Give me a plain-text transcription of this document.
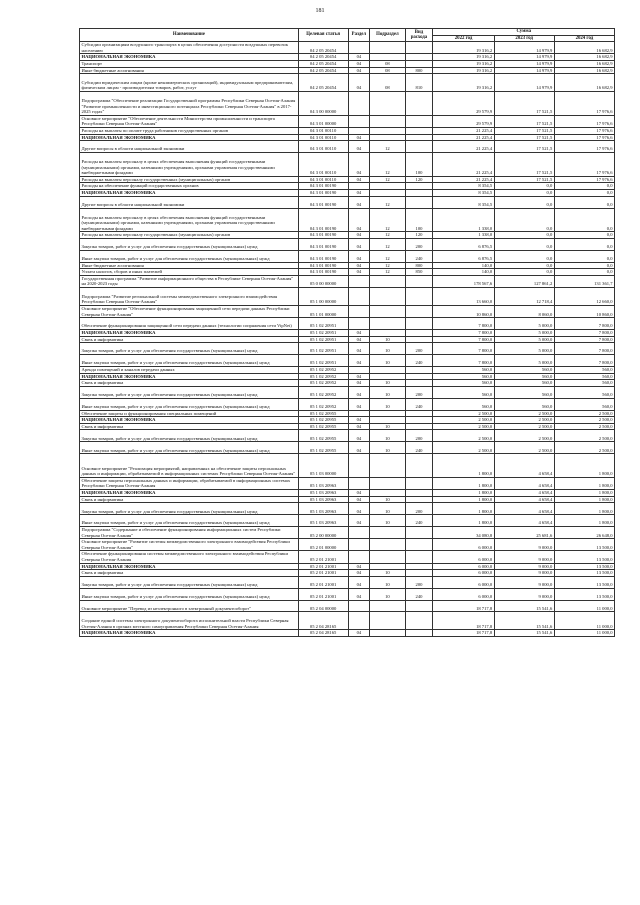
181
Наименование	Целевая статья	Раздел	Подраздел	Вид расхода	Сумма		
					2022 год	2023 год	2024 год
Субсидии организациям воздушного транспорта в целях обеспечения доступности воздушных перевозок населению	04 2 05 20454				19 316,2	14 979,9	16 682,9
НАЦИОНАЛЬНАЯ ЭКОНОМИКА	04 2 05 20454	04			19 316,2	14 979,9	16 682,9
Транспорт	04 2 05 20454	04	08		19 316,2	14 979,9	16 682,9
Иные бюджетные ассигнования	04 2 05 20454	04	08	800	19 316,2	14 979,9	16 682,9
Субсидии юридическим лицам (кроме некоммерческих организаций), индивидуальным предпринимателям, физическим лицам - производителям товаров, работ, услуг	04 2 05 20454	04	08	810	19 316,2	14 979,9	16 682,9
Подпрограмма "Обеспечение реализации Государственной программы Республики Северная Осетия-Алания "Развитие промышленности и инвестиционного потенциала Республики Северная Осетия-Алания" в 2017-2025 годах"	04 3 00 00000				29 579,9	17 521,5	17 976,6
Основное мероприятие "Обеспечение деятельности Министерства промышленности и транспорта Республики Северная Осетия-Алания"	04 3 01 00000				29 579,9	17 521,5	17 976,6
Расходы на выплаты по оплате труда работников государственных органов	04 3 01 00110				21 225,4	17 521,5	17 976,6
НАЦИОНАЛЬНАЯ ЭКОНОМИКА	04 3 01 00110	04			21 225,4	17 521,5	17 976,6
Другие вопросы в области национальной экономики	04 3 01 00110	04	12		21 225,4	17 521,5	17 976,6
Расходы на выплаты персоналу в целях обеспечения выполнения функций государственными (муниципальными) органами, казенными учреждениями, органами управления государственными внебюджетными фондами	04 3 01 00110	04	12	100	21 225,4	17 521,5	17 976,6
Расходы на выплаты персоналу государственных (муниципальных) органов	04 3 01 00110	04	12	120	21 225,4	17 521,5	17 976,6
Расходы на обеспечение функций государственных органов	04 3 01 00190				8 354,5	0,0	0,0
НАЦИОНАЛЬНАЯ ЭКОНОМИКА	04 3 01 00190	04			8 354,5	0,0	0,0
Другие вопросы в области национальной экономики	04 3 01 00190	04	12		8 354,5	0,0	0,0
Расходы на выплаты персоналу в целях обеспечения выполнения функций государственными (муниципальными) органами, казенными учреждениями, органами управления государственными внебюджетными фондами	04 3 01 00190	04	12	100	1 338,0	0,0	0,0
Расходы на выплаты персоналу государственных (муниципальных) органов	04 3 01 00190	04	12	120	1 338,0	0,0	0,0
Закупка товаров, работ и услуг для обеспечения государственных (муниципальных) нужд	04 3 01 00190	04	12	200	6 876,5	0,0	0,0
Иные закупки товаров, работ и услуг для обеспечения государственных (муниципальных) нужд	04 3 01 00190	04	12	240	6 876,5	0,0	0,0
Иные бюджетные ассигнования	04 3 01 00190	04	12	800	140,0	0,0	0,0
Уплата налогов, сборов и иных платежей	04 3 01 00190	04	12	850	140,0	0,0	0,0
Государственная программа "Развитие информационного общества в Республике Северная Осетия-Алания" на 2020-2023 годы	05 0 00 00000				178 567,6	127 861,2	131 361,7
Подпрограмма "Развитие региональной системы межведомственного электронного взаимодействия Республики Северная Осетия-Алания"	05 1 00 00000				13 660,0	12 718,4	12 660,0
Основное мероприятие "Обеспечение функционирования защищенной сети передачи данных Республики Северная Осетия-Алания"	05 1 01 00000				10 860,0	8 060,0	10 860,0
Обеспечение функционирования защищенной сети передачи данных (технологии сопряжения сети VipNet)	05 1 02 20951				7 800,0	5 000,0	7 800,0
НАЦИОНАЛЬНАЯ ЭКОНОМИКА	05 1 02 20951	04			7 800,0	5 000,0	7 800,0
Связь и информатика	05 1 02 20951	04	10		7 800,0	5 000,0	7 800,0
Закупка товаров, работ и услуг для обеспечения государственных (муниципальных) нужд	05 1 02 20951	04	10	200	7 800,0	5 000,0	7 800,0
Иные закупки товаров, работ и услуг для обеспечения государственных (муниципальных) нужд	05 1 02 20951	04	10	240	7 800,0	5 000,0	7 800,0
Аренда помещений и каналов передачи данных	05 1 02 20952				560,0	560,0	560,0
НАЦИОНАЛЬНАЯ ЭКОНОМИКА	05 1 02 20952	04			560,0	560,0	560,0
Связь и информатика	05 1 02 20952	04	10		560,0	560,0	560,0
Закупка товаров, работ и услуг для обеспечения государственных (муниципальных) нужд	05 1 02 20952	04	10	200	560,0	560,0	560,0
Иные закупки товаров, работ и услуг для обеспечения государственных (муниципальных) нужд	05 1 02 20952	04	10	240	560,0	560,0	560,0
Обеспечение защиты и функционирования специальных помещений	05 1 02 20955				2 500,0	2 500,0	2 500,0
НАЦИОНАЛЬНАЯ ЭКОНОМИКА	05 1 02 20955	04			2 500,0	2 500,0	2 500,0
Связь и информатика	05 1 02 20955	04	10		2 500,0	2 500,0	2 500,0
Закупка товаров, работ и услуг для обеспечения государственных (муниципальных) нужд	05 1 02 20955	04	10	200	2 500,0	2 500,0	2 500,0
Иные закупки товаров, работ и услуг для обеспечения государственных (муниципальных) нужд	05 1 02 20955	04	10	240	2 500,0	2 500,0	2 500,0
Основное мероприятие "Реализация мероприятий, направленных на обеспечение защиты персональных данных и информации, обрабатываемой в информационных системах Республики Северная Осетия-Алания"	05 1 03 00000				1 800,0	4 658,4	1 800,0
Обеспечение защиты персональных данных и информации, обрабатываемой в информационных системах Республики Северная Осетия-Алания	05 1 03 20963				1 800,0	4 658,4	1 800,0
НАЦИОНАЛЬНАЯ ЭКОНОМИКА	05 1 03 20963	04			1 800,0	4 658,4	1 800,0
Связь и информатика	05 1 03 20963	04	10		1 800,0	4 658,4	1 800,0
Закупка товаров, работ и услуг для обеспечения государственных (муниципальных) нужд	05 1 03 20963	04	10	200	1 800,0	4 658,4	1 800,0
Иные закупки товаров, работ и услуг для обеспечения государственных (муниципальных) нужд	05 1 03 20963	04	10	240	1 800,0	4 658,4	1 800,0
Подпрограмма "Содержание и обеспечение функционирования информационных систем Республики Северная Осетия-Алания"	05 2 00 00000				34 080,8	25 681,6	26 648,0
Основное мероприятие "Развитие системы межведомственного электронного взаимодействия Республики Северная Осетия-Алания"	05 2 01 00000				6 000,0	9 000,0	13 500,0
Обеспечение функционирования системы межведомственного электронного взаимодействия Республики Северная Осетия-Алания	05 2 01 21001				6 000,0	9 000,0	13 500,0
НАЦИОНАЛЬНАЯ ЭКОНОМИКА	05 2 01 21001	04			6 000,0	9 000,0	13 500,0
Связь и информатика	05 2 01 21001	04	10		6 000,0	9 000,0	13 500,0
Закупка товаров, работ и услуг для обеспечения государственных (муниципальных) нужд	05 2 01 21001	04	10	200	6 000,0	9 000,0	13 500,0
Иные закупки товаров, работ и услуг для обеспечения государственных (муниципальных) нужд	05 2 01 21001	04	10	240	6 000,0	9 000,0	13 500,0
Основное мероприятие "Перевод из неэлектронного в электронный документооборот"	05 2 04 00000				18 717,8	15 541,6	11 000,0
Создание единой системы электронного документооборота исполнительной власти Республики Северная Осетия-Алания в органах местного самоуправления Республики Северная Осетия-Алания	05 2 04 28165				18 717,8	15 541,6	11 000,0
НАЦИОНАЛЬНАЯ ЭКОНОМИКА	05 2 04 28165	04			18 717,8	15 541,6	11 000,0
